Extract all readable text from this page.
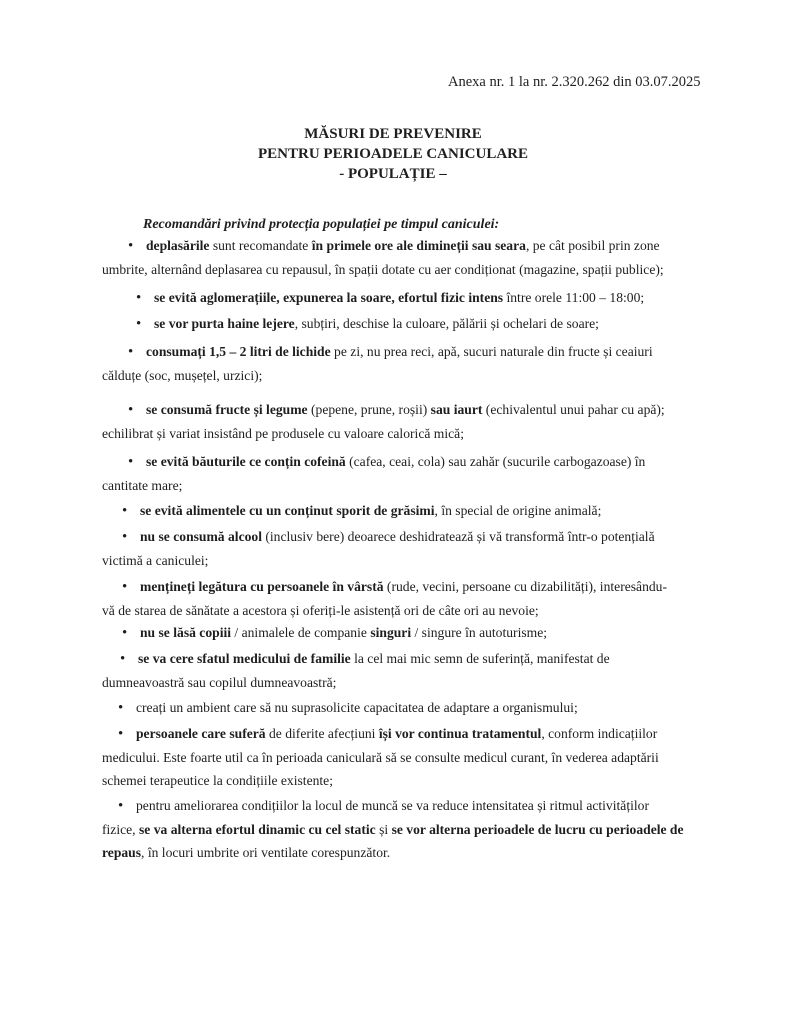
Anexa nr. 1 la nr. 2.320.262 din 03.07.2025
MĂSURI DE PREVENIRE
PENTRU PERIOADELE CANICULARE
- POPULAȚIE –
Recomandări privind protecția populației pe timpul caniculei:
• deplasările sunt recomandate în primele ore ale dimineții sau seara, pe cât posibil prin zone
umbrite, alternând deplasarea cu repausul, în spații dotate cu aer condiționat (magazine, spații publice);
• se evită aglomerațiile, expunerea la soare, efortul fizic intens între orele 11:00 – 18:00;
• se vor purta haine lejere, subțiri, deschise la culoare, pălării și ochelari de soare;
• consumați 1,5 – 2 litri de lichide pe zi, nu prea reci, apă, sucuri naturale din fructe și ceaiuri
călduțe (soc, mușețel, urzici);
• se consumă fructe și legume (pepene, prune, roșii) sau iaurt (echivalentul unui pahar cu apă);
echilibrat și variat insistând pe produsele cu valoare calorică mică;
• se evită băuturile ce conțin cofeină (cafea, ceai, cola) sau zahăr (sucurile carbogazoase) în
cantitate mare;
• se evită alimentele cu un conținut sporit de grăsimi, în special de origine animală;
• nu se consumă alcool (inclusiv bere) deoarece deshidratează și vă transformă într-o potențială
victimă a caniculei;
• mențineți legătura cu persoanele în vârstă (rude, vecini, persoane cu dizabilități), interesându-
vă de starea de sănătate a acestora și oferiți-le asistență ori de câte ori au nevoie;
• nu se lăsă copiii / animalele de companie singuri / singure în autoturisme;
• se va cere sfatul medicului de familie la cel mai mic semn de suferință, manifestat de
dumneavoastră sau copilul dumneavoastră;
• creați un ambient care să nu suprasolicite capacitatea de adaptare a organismului;
• persoanele care suferă de diferite afecțiuni își vor continua tratamentul, conform indicațiilor
medicului. Este foarte util ca în perioada caniculară să se consulte medicul curant, în vederea adaptării
schemei terapeutice la condițiile existente;
• pentru ameliorarea condițiilor la locul de muncă se va reduce intensitatea și ritmul activităților
fizice, se va alterna efortul dinamic cu cel static și se vor alterna perioadele de lucru cu perioadele de
repaus, în locuri umbrite ori ventilate corespunzător.
